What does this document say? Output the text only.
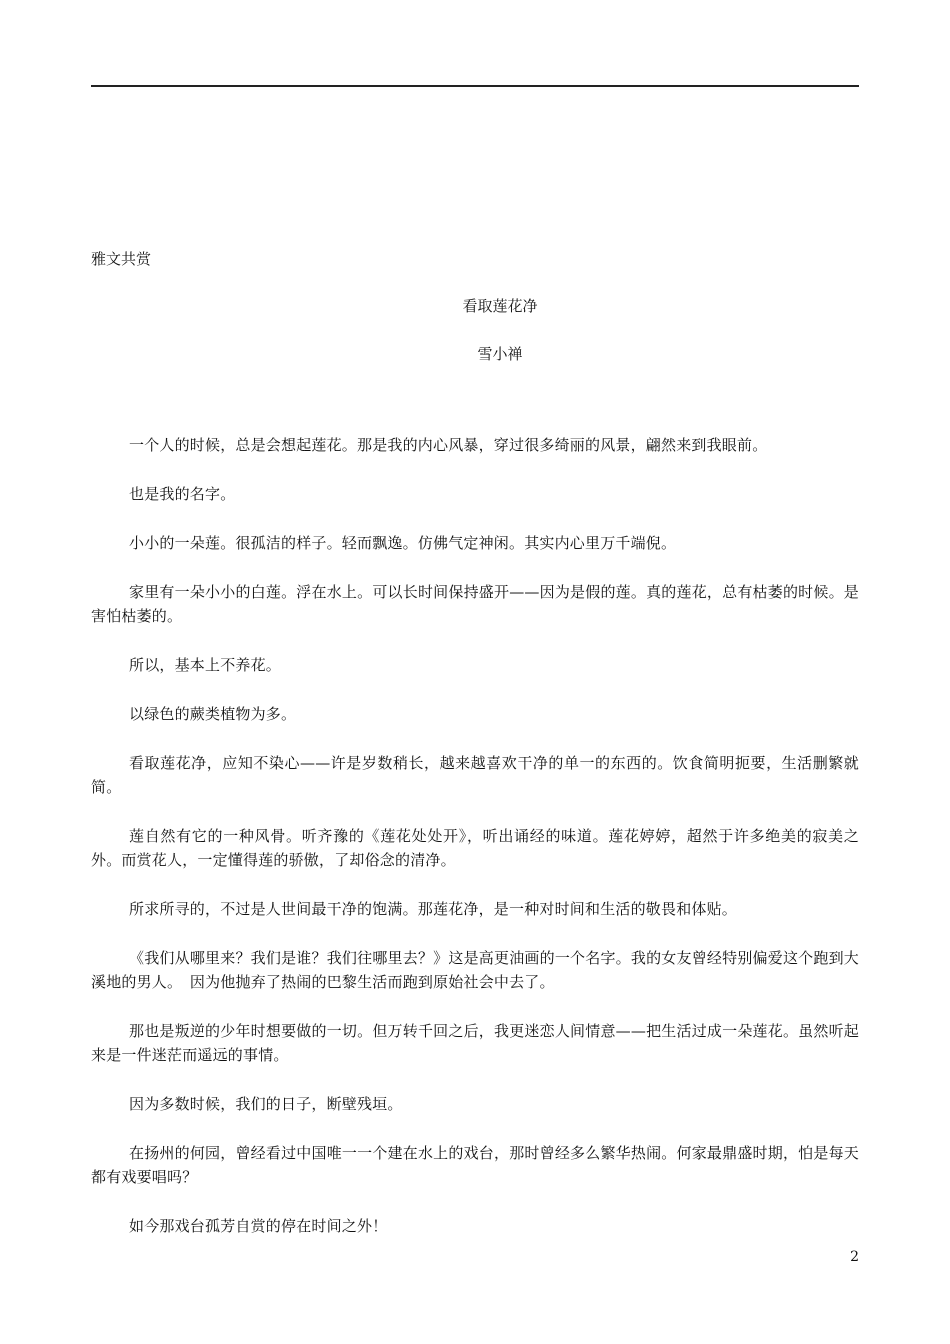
雅文共赏
看取莲花净
雪小禅

一个人的时候，总是会想起莲花。那是我的内心风暴，穿过很多绮丽的风景，翩然来到我眼前。

也是我的名字。

小小的一朵莲。很孤洁的样子。轻而飘逸。仿佛气定神闲。其实内心里万千端倪。

家里有一朵小小的白莲。浮在水上。可以长时间保持盛开——因为是假的莲。真的莲花，总有枯萎的时候。是害怕枯萎的。

所以，基本上不养花。

以绿色的蕨类植物为多。

看取莲花净，应知不染心——许是岁数稍长，越来越喜欢干净的单一的东西的。饮食简明扼要，生活删繁就简。

莲自然有它的一种风骨。听齐豫的《莲花处处开》，听出诵经的味道。莲花婷婷，超然于许多绝美的寂美之外。而赏花人，一定懂得莲的骄傲，了却俗念的清净。

所求所寻的，不过是人世间最干净的饱满。那莲花净，是一种对时间和生活的敬畏和体贴。

《我们从哪里来？我们是谁？我们往哪里去？》这是高更油画的一个名字。我的女友曾经特别偏爱这个跑到大溪地的男人。　因为他抛弃了热闹的巴黎生活而跑到原始社会中去了。

那也是叛逆的少年时想要做的一切。但万转千回之后，我更迷恋人间情意——把生活过成一朵莲花。虽然听起来是一件迷茫而遥远的事情。

因为多数时候，我们的日子，断壁残垣。

在扬州的何园，曾经看过中国唯一一个建在水上的戏台，那时曾经多么繁华热闹。何家最鼎盛时期，怕是每天都有戏要唱吗？

如今那戏台孤芳自赏的停在时间之外！

2
